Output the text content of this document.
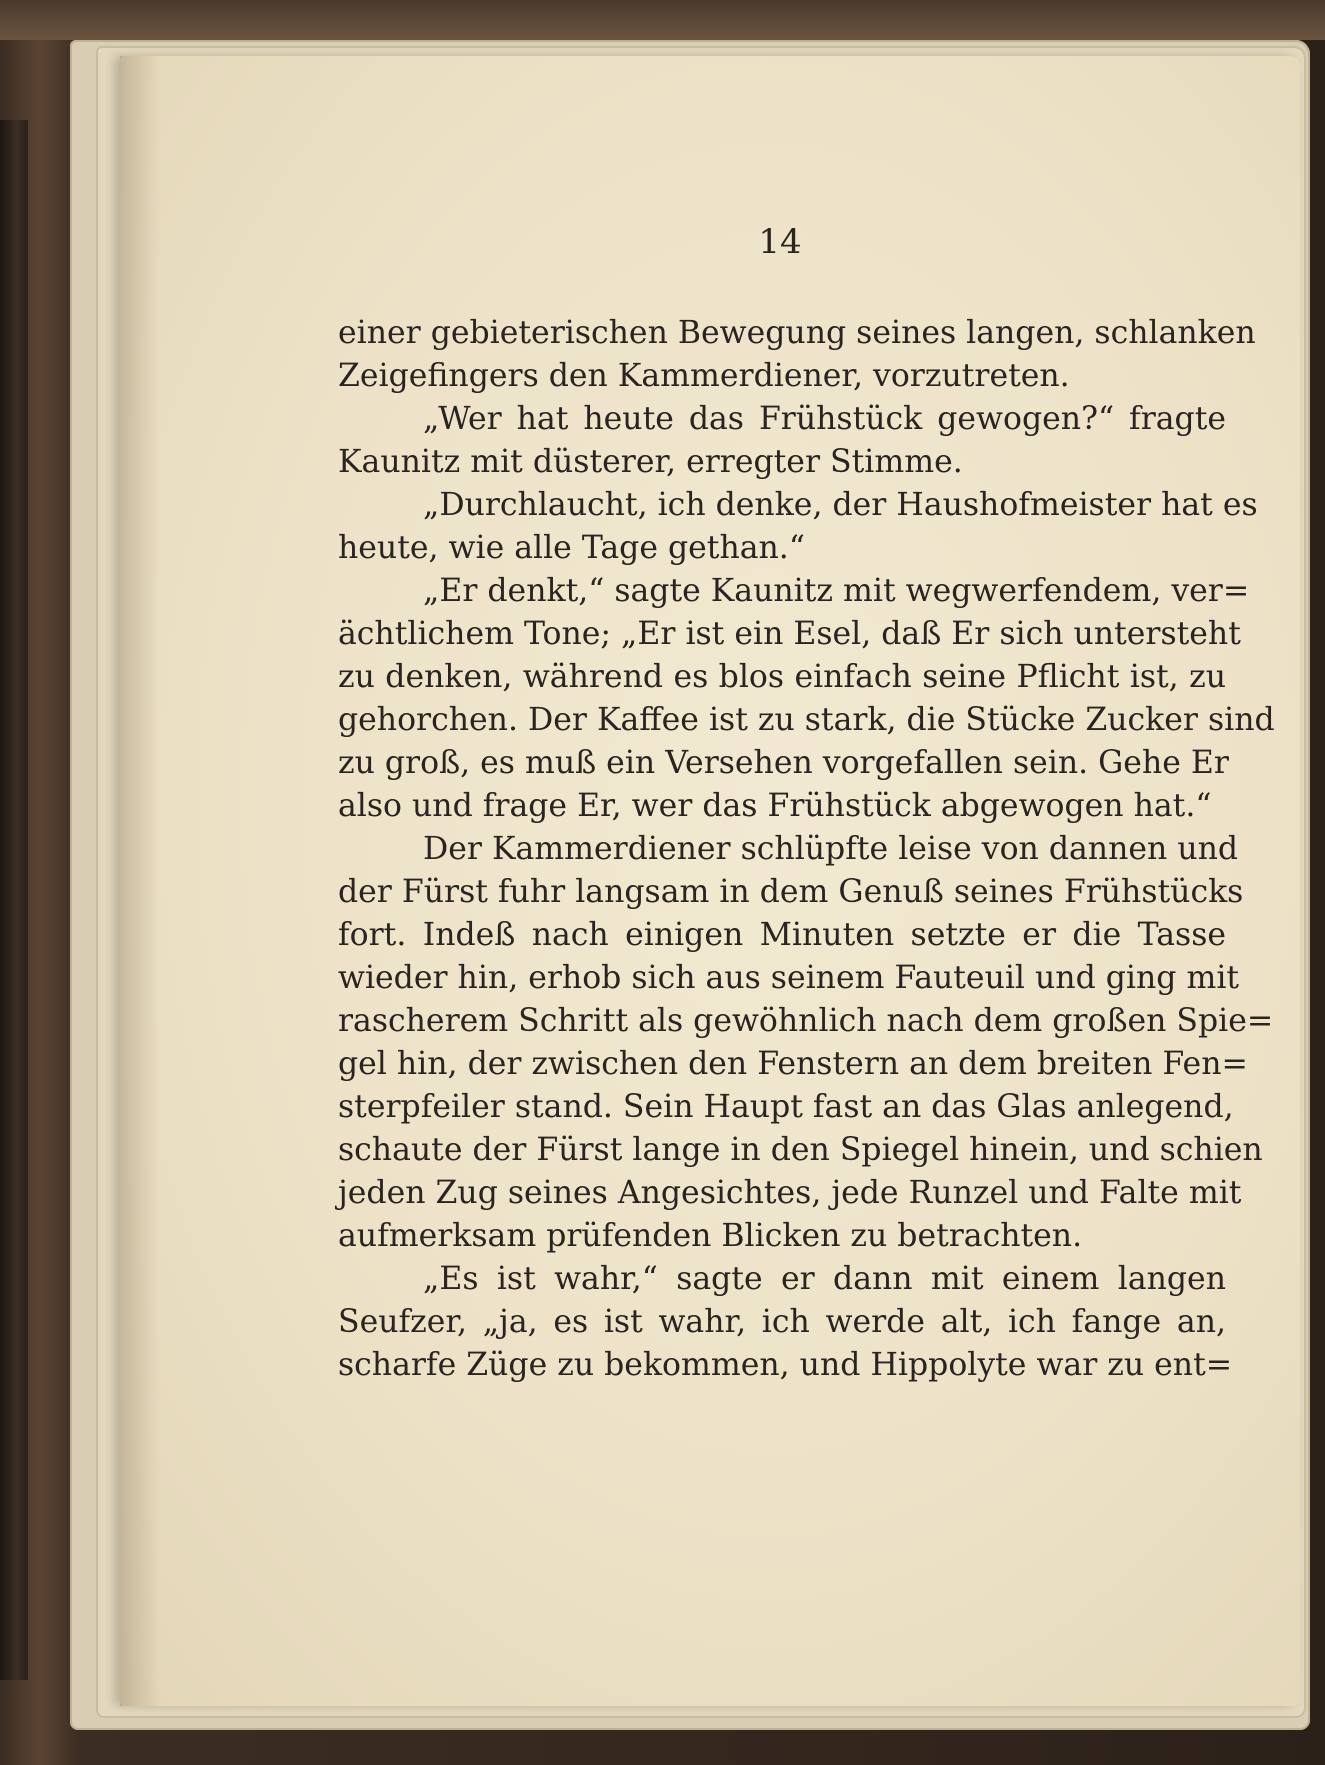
14
einer gebieterischen Bewegung seines langen, schlanken
Zeigefingers den Kammerdiener, vorzutreten.
„Wer hat heute das Frühstück gewogen?“ fragte
Kaunitz mit düsterer, erregter Stimme.
„Durchlaucht, ich denke, der Haushofmeister hat es
heute, wie alle Tage gethan.“
„Er denkt,“ sagte Kaunitz mit wegwerfendem, ver=
ächtlichem Tone; „Er ist ein Esel, daß Er sich untersteht
zu denken, während es blos einfach seine Pflicht ist, zu
gehorchen. Der Kaffee ist zu stark, die Stücke Zucker sind
zu groß, es muß ein Versehen vorgefallen sein. Gehe Er
also und frage Er, wer das Frühstück abgewogen hat.“
Der Kammerdiener schlüpfte leise von dannen und
der Fürst fuhr langsam in dem Genuß seines Frühstücks
fort. Indeß nach einigen Minuten setzte er die Tasse
wieder hin, erhob sich aus seinem Fauteuil und ging mit
rascherem Schritt als gewöhnlich nach dem großen Spie=
gel hin, der zwischen den Fenstern an dem breiten Fen=
sterpfeiler stand. Sein Haupt fast an das Glas anlegend,
schaute der Fürst lange in den Spiegel hinein, und schien
jeden Zug seines Angesichtes, jede Runzel und Falte mit
aufmerksam prüfenden Blicken zu betrachten.
„Es ist wahr,“ sagte er dann mit einem langen
Seufzer, „ja, es ist wahr, ich werde alt, ich fange an,
scharfe Züge zu bekommen, und Hippolyte war zu ent=
